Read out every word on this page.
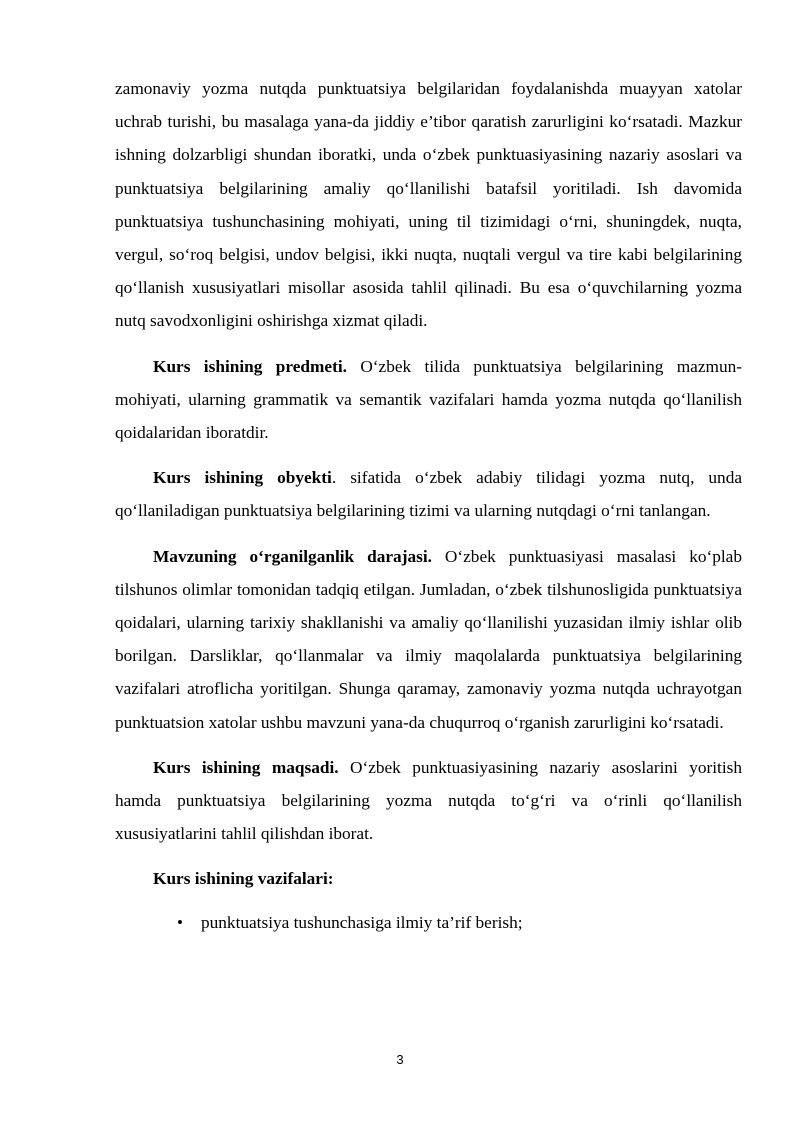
zamonaviy yozma nutqda punktuatsiya belgilaridan foydalanishda muayyan xatolar uchrab turishi, bu masalaga yana-da jiddiy e’tibor qaratish zarurligini ko‘rsatadi. Mazkur ishning dolzarbligi shundan iboratki, unda o‘zbek punktuasiyasining nazariy asoslari va punktuatsiya belgilarining amaliy qo‘llanilishi batafsil yoritiladi. Ish davomida punktuatsiya tushunchasining mohiyati, uning til tizimidagi o‘rni, shuningdek, nuqta, vergul, so‘roq belgisi, undov belgisi, ikki nuqta, nuqtali vergul va tire kabi belgilarining qo‘llanish xususiyatlari misollar asosida tahlil qilinadi. Bu esa o‘quvchilarning yozma nutq savodxonligini oshirishga xizmat qiladi.

Kurs ishining predmeti. O‘zbek tilida punktuatsiya belgilarining mazmun-mohiyati, ularning grammatik va semantik vazifalari hamda yozma nutqda qo‘llanilish qoidalaridan iboratdir.

Kurs ishining obyekti. sifatida o‘zbek adabiy tilidagi yozma nutq, unda qo‘llaniladigan punktuatsiya belgilarining tizimi va ularning nutqdagi o‘rni tanlangan.

Mavzuning o‘rganilganlik darajasi. O‘zbek punktuasiyasi masalasi ko‘plab tilshunos olimlar tomonidan tadqiq etilgan. Jumladan, o‘zbek tilshunosligida punktuatsiya qoidalari, ularning tarixiy shakllanishi va amaliy qo‘llanilishi yuzasidan ilmiy ishlar olib borilgan. Darsliklar, qo‘llanmalar va ilmiy maqolalarda punktuatsiya belgilarining vazifalari atroflicha yoritilgan. Shunga qaramay, zamonaviy yozma nutqda uchrayotgan punktuatsion xatolar ushbu mavzuni yana-da chuqurroq o‘rganish zarurligini ko‘rsatadi.

Kurs ishining maqsadi. O‘zbek punktuasiyasining nazariy asoslarini yoritish hamda punktuatsiya belgilarining yozma nutqda to‘g‘ri va o‘rinli qo‘llanilish xususiyatlarini tahlil qilishdan iborat.

Kurs ishining vazifalari:

• punktuatsiya tushunchasiga ilmiy ta’rif berish;
3
